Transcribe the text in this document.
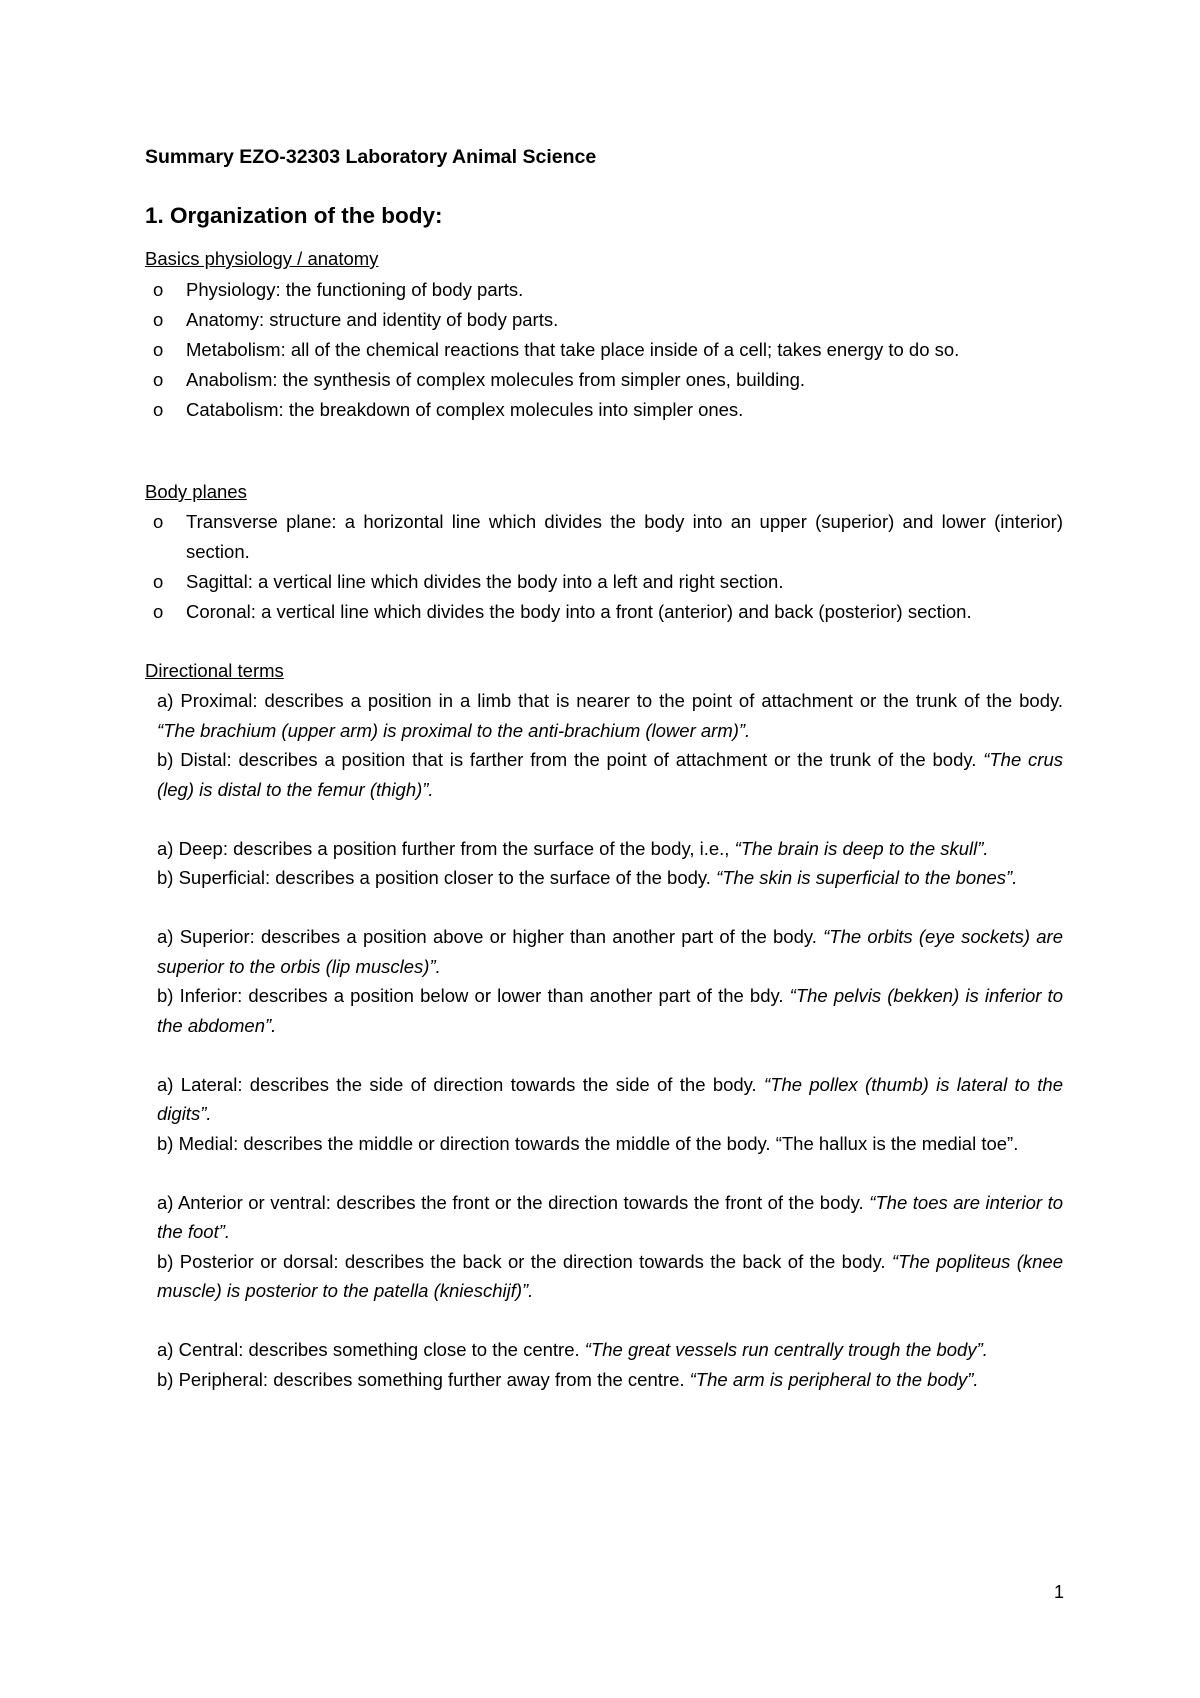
Summary EZO-32303 Laboratory Animal Science

1. Organization of the body:

Basics physiology / anatomy

o Physiology: the functioning of body parts.
o Anatomy: structure and identity of body parts.
o Metabolism: all of the chemical reactions that take place inside of a cell; takes energy to do so.
o Anabolism: the synthesis of complex molecules from simpler ones, building.
o Catabolism: the breakdown of complex molecules into simpler ones.

Body planes

o Transverse plane: a horizontal line which divides the body into an upper (superior) and lower (interior) section.
o Sagittal: a vertical line which divides the body into a left and right section.
o Coronal: a vertical line which divides the body into a front (anterior) and back (posterior) section.

Directional terms

a) Proximal: describes a position in a limb that is nearer to the point of attachment or the trunk of the body. “The brachium (upper arm) is proximal to the anti-brachium (lower arm)”.

b) Distal: describes a position that is farther from the point of attachment or the trunk of the body. “The crus (leg) is distal to the femur (thigh)”.

a) Deep: describes a position further from the surface of the body, i.e., “The brain is deep to the skull”.

b) Superficial: describes a position closer to the surface of the body. “The skin is superficial to the bones”.

a) Superior: describes a position above or higher than another part of the body. “The orbits (eye sockets) are superior to the orbis (lip muscles)”.

b) Inferior: describes a position below or lower than another part of the bdy. “The pelvis (bekken) is inferior to the abdomen”.

a) Lateral: describes the side of direction towards the side of the body. “The pollex (thumb) is lateral to the digits”.

b) Medial: describes the middle or direction towards the middle of the body. “The hallux is the medial toe”.

a) Anterior or ventral: describes the front or the direction towards the front of the body. “The toes are interior to the foot”.

b) Posterior or dorsal: describes the back or the direction towards the back of the body. “The popliteus (knee muscle) is posterior to the patella (knieschijf)”.

a) Central: describes something close to the centre. “The great vessels run centrally trough the body”.

b) Peripheral: describes something further away from the centre. “The arm is peripheral to the body”.

1
